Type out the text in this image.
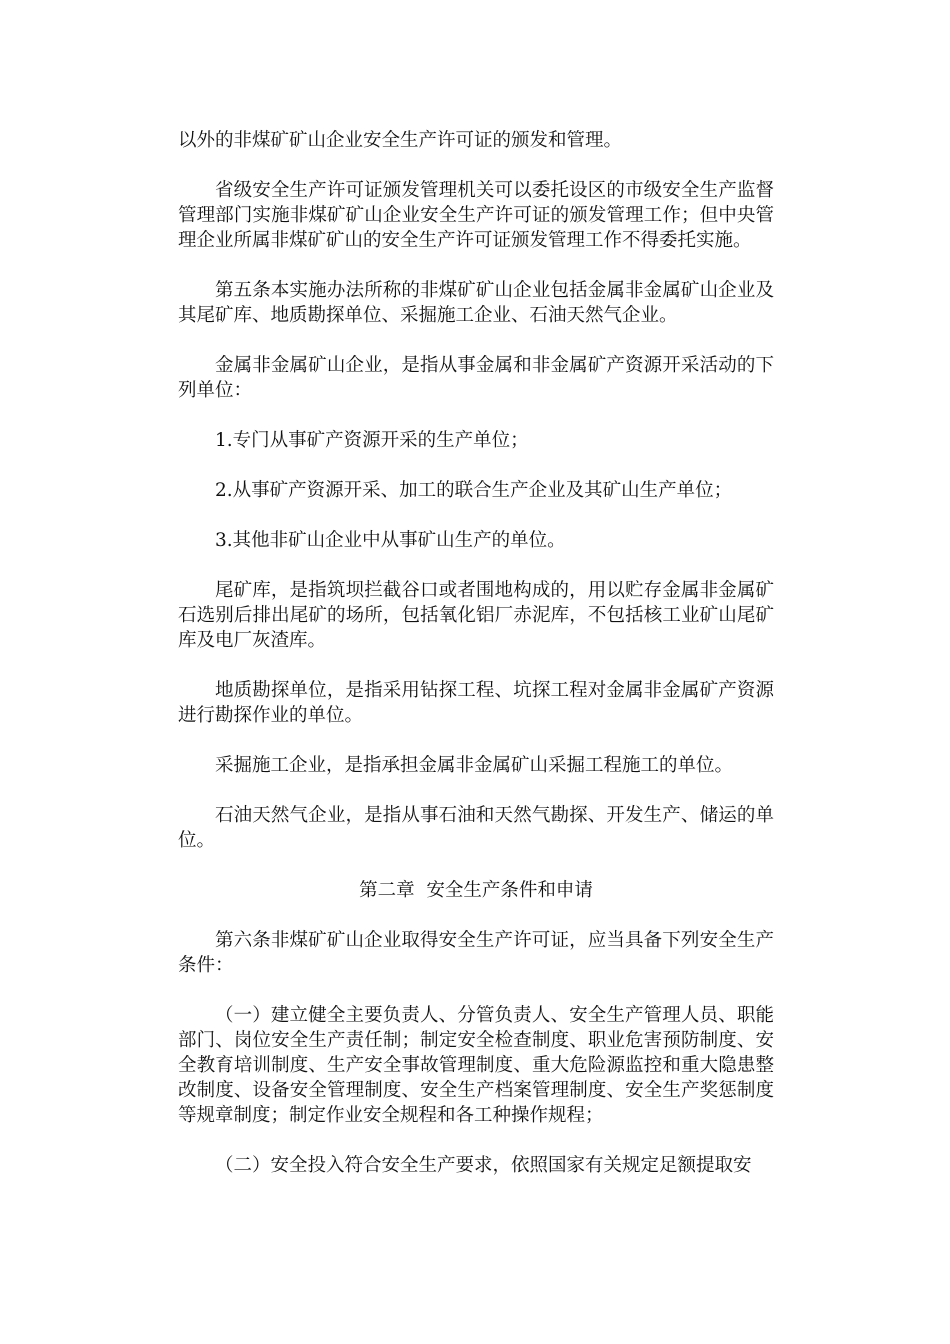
以外的非煤矿矿山企业安全生产许可证的颁发和管理。

省级安全生产许可证颁发管理机关可以委托设区的市级安全生产监督管理部门实施非煤矿矿山企业安全生产许可证的颁发管理工作；但中央管理企业所属非煤矿矿山的安全生产许可证颁发管理工作不得委托实施。

第五条本实施办法所称的非煤矿矿山企业包括金属非金属矿山企业及其尾矿库、地质勘探单位、采掘施工企业、石油天然气企业。

金属非金属矿山企业，是指从事金属和非金属矿产资源开采活动的下列单位：

1.专门从事矿产资源开采的生产单位；

2.从事矿产资源开采、加工的联合生产企业及其矿山生产单位；

3.其他非矿山企业中从事矿山生产的单位。

尾矿库，是指筑坝拦截谷口或者围地构成的，用以贮存金属非金属矿石选别后排出尾矿的场所，包括氧化铝厂赤泥库，不包括核工业矿山尾矿库及电厂灰渣库。

地质勘探单位，是指采用钻探工程、坑探工程对金属非金属矿产资源进行勘探作业的单位。

采掘施工企业，是指承担金属非金属矿山采掘工程施工的单位。

石油天然气企业，是指从事石油和天然气勘探、开发生产、储运的单位。

第二章  安全生产条件和申请

第六条非煤矿矿山企业取得安全生产许可证，应当具备下列安全生产条件：

（一）建立健全主要负责人、分管负责人、安全生产管理人员、职能部门、岗位安全生产责任制；制定安全检查制度、职业危害预防制度、安全教育培训制度、生产安全事故管理制度、重大危险源监控和重大隐患整改制度、设备安全管理制度、安全生产档案管理制度、安全生产奖惩制度等规章制度；制定作业安全规程和各工种操作规程；

（二）安全投入符合安全生产要求，依照国家有关规定足额提取安
